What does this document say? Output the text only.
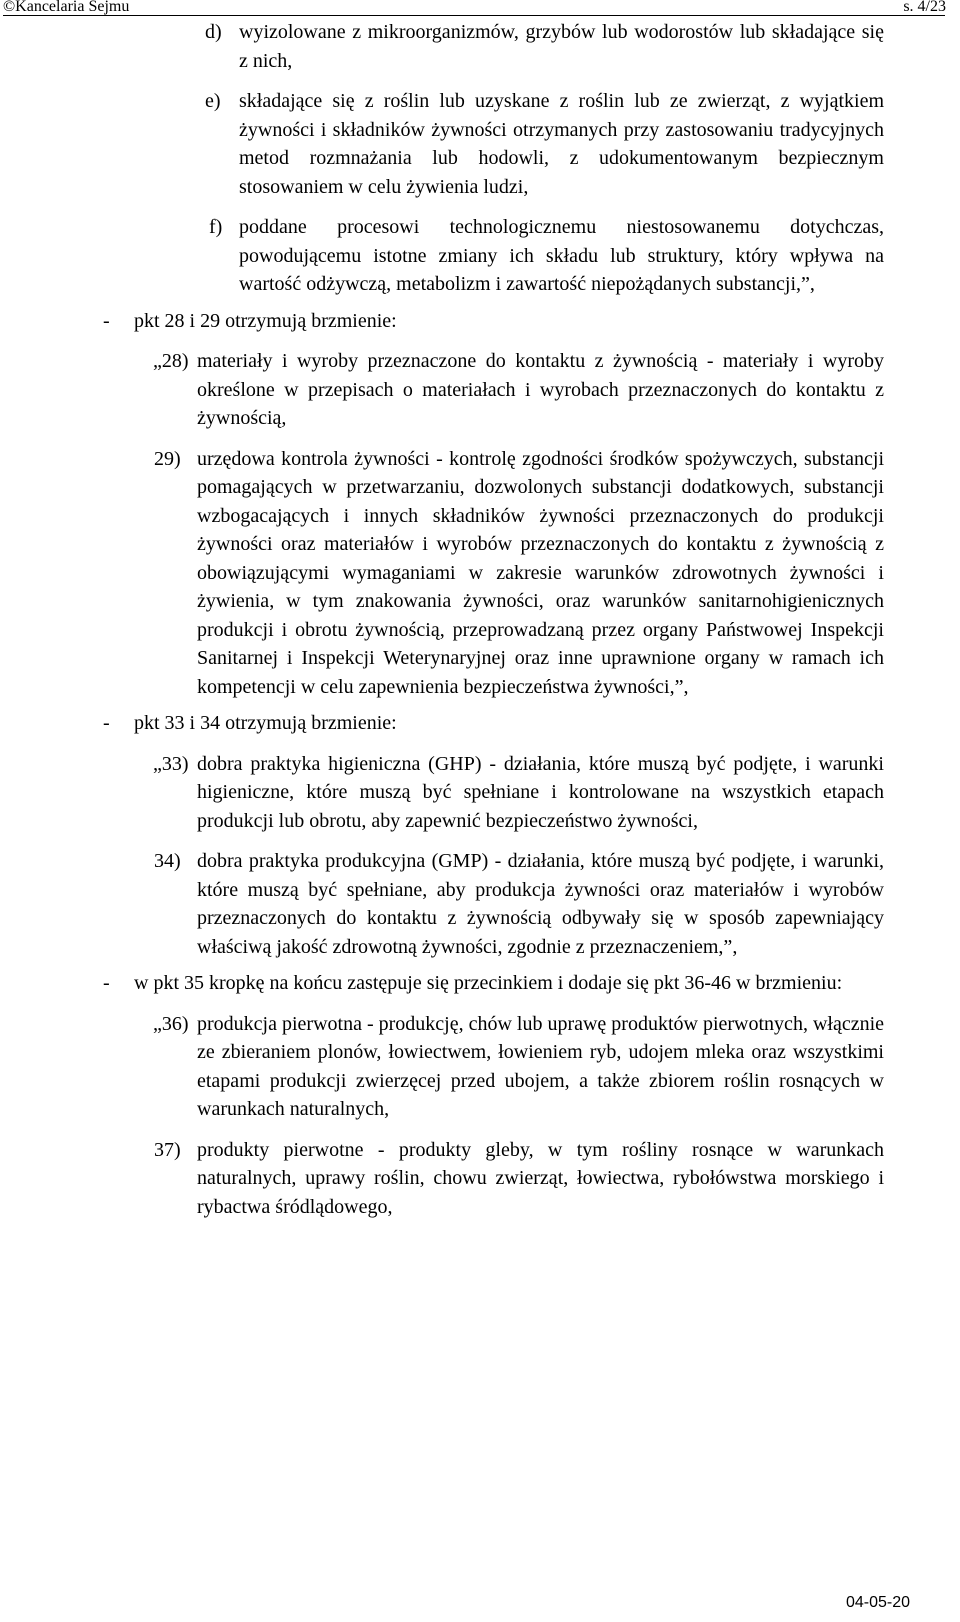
©Kancelaria Sejmu	s. 4/23
d) wyizolowane z mikroorganizmów, grzybów lub wodorostów lub składające się z nich,
e) składające się z roślin lub uzyskane z roślin lub ze zwierząt, z wyjątkiem żywności i składników żywności otrzymanych przy zastosowaniu tradycyjnych metod rozmnażania lub hodowli, z udokumentowanym bezpiecznym stosowaniem w celu żywienia ludzi,
f) poddane procesowi technologicznemu niestosowanemu dotychczas, powodującemu istotne zmiany ich składu lub struktury, który wpływa na wartość odżywczą, metabolizm i zawartość niepożądanych substancji,”,
- pkt 28 i 29 otrzymują brzmienie:
„28) materiały i wyroby przeznaczone do kontaktu z żywnością - materiały i wyroby określone w przepisach o materiałach i wyrobach przeznaczonych do kontaktu z żywnością,
29) urzędowa kontrola żywności - kontrolę zgodności środków spożywczych, substancji pomagających w przetwarzaniu, dozwolonych substancji dodatkowych, substancji wzbogacających i innych składników żywności przeznaczonych do produkcji żywności oraz materiałów i wyrobów przeznaczonych do kontaktu z żywnością z obowiązującymi wymaganiami w zakresie warunków zdrowotnych żywności i żywienia, w tym znakowania żywności, oraz warunków sanitarnohigienicznych produkcji i obrotu żywnością, przeprowadzaną przez organy Państwowej Inspekcji Sanitarnej i Inspekcji Weterynaryjnej oraz inne uprawnione organy w ramach ich kompetencji w celu zapewnienia bezpieczeństwa żywności,”,
- pkt 33 i 34 otrzymują brzmienie:
„33) dobra praktyka higieniczna (GHP) - działania, które muszą być podjęte, i warunki higieniczne, które muszą być spełniane i kontrolowane na wszystkich etapach produkcji lub obrotu, aby zapewnić bezpieczeństwo żywności,
34) dobra praktyka produkcyjna (GMP) - działania, które muszą być podjęte, i warunki, które muszą być spełniane, aby produkcja żywności oraz materiałów i wyrobów przeznaczonych do kontaktu z żywnością odbywały się w sposób zapewniający właściwą jakość zdrowotną żywności, zgodnie z przeznaczeniem,”,
- w pkt 35 kropkę na końcu zastępuje się przecinkiem i dodaje się pkt 36-46 w brzmieniu:
„36) produkcja pierwotna - produkcję, chów lub uprawę produktów pierwotnych, włącznie ze zbieraniem plonów, łowiectwem, łowieniem ryb, udojem mleka oraz wszystkimi etapami produkcji zwierzęcej przed ubojem, a także zbiorem roślin rosnących w warunkach naturalnych,
37) produkty pierwotne - produkty gleby, w tym rośliny rosnące w warunkach naturalnych, uprawy roślin, chowu zwierząt, łowiectwa, rybołówstwa morskiego i rybactwa śródlądowego,
04-05-20
